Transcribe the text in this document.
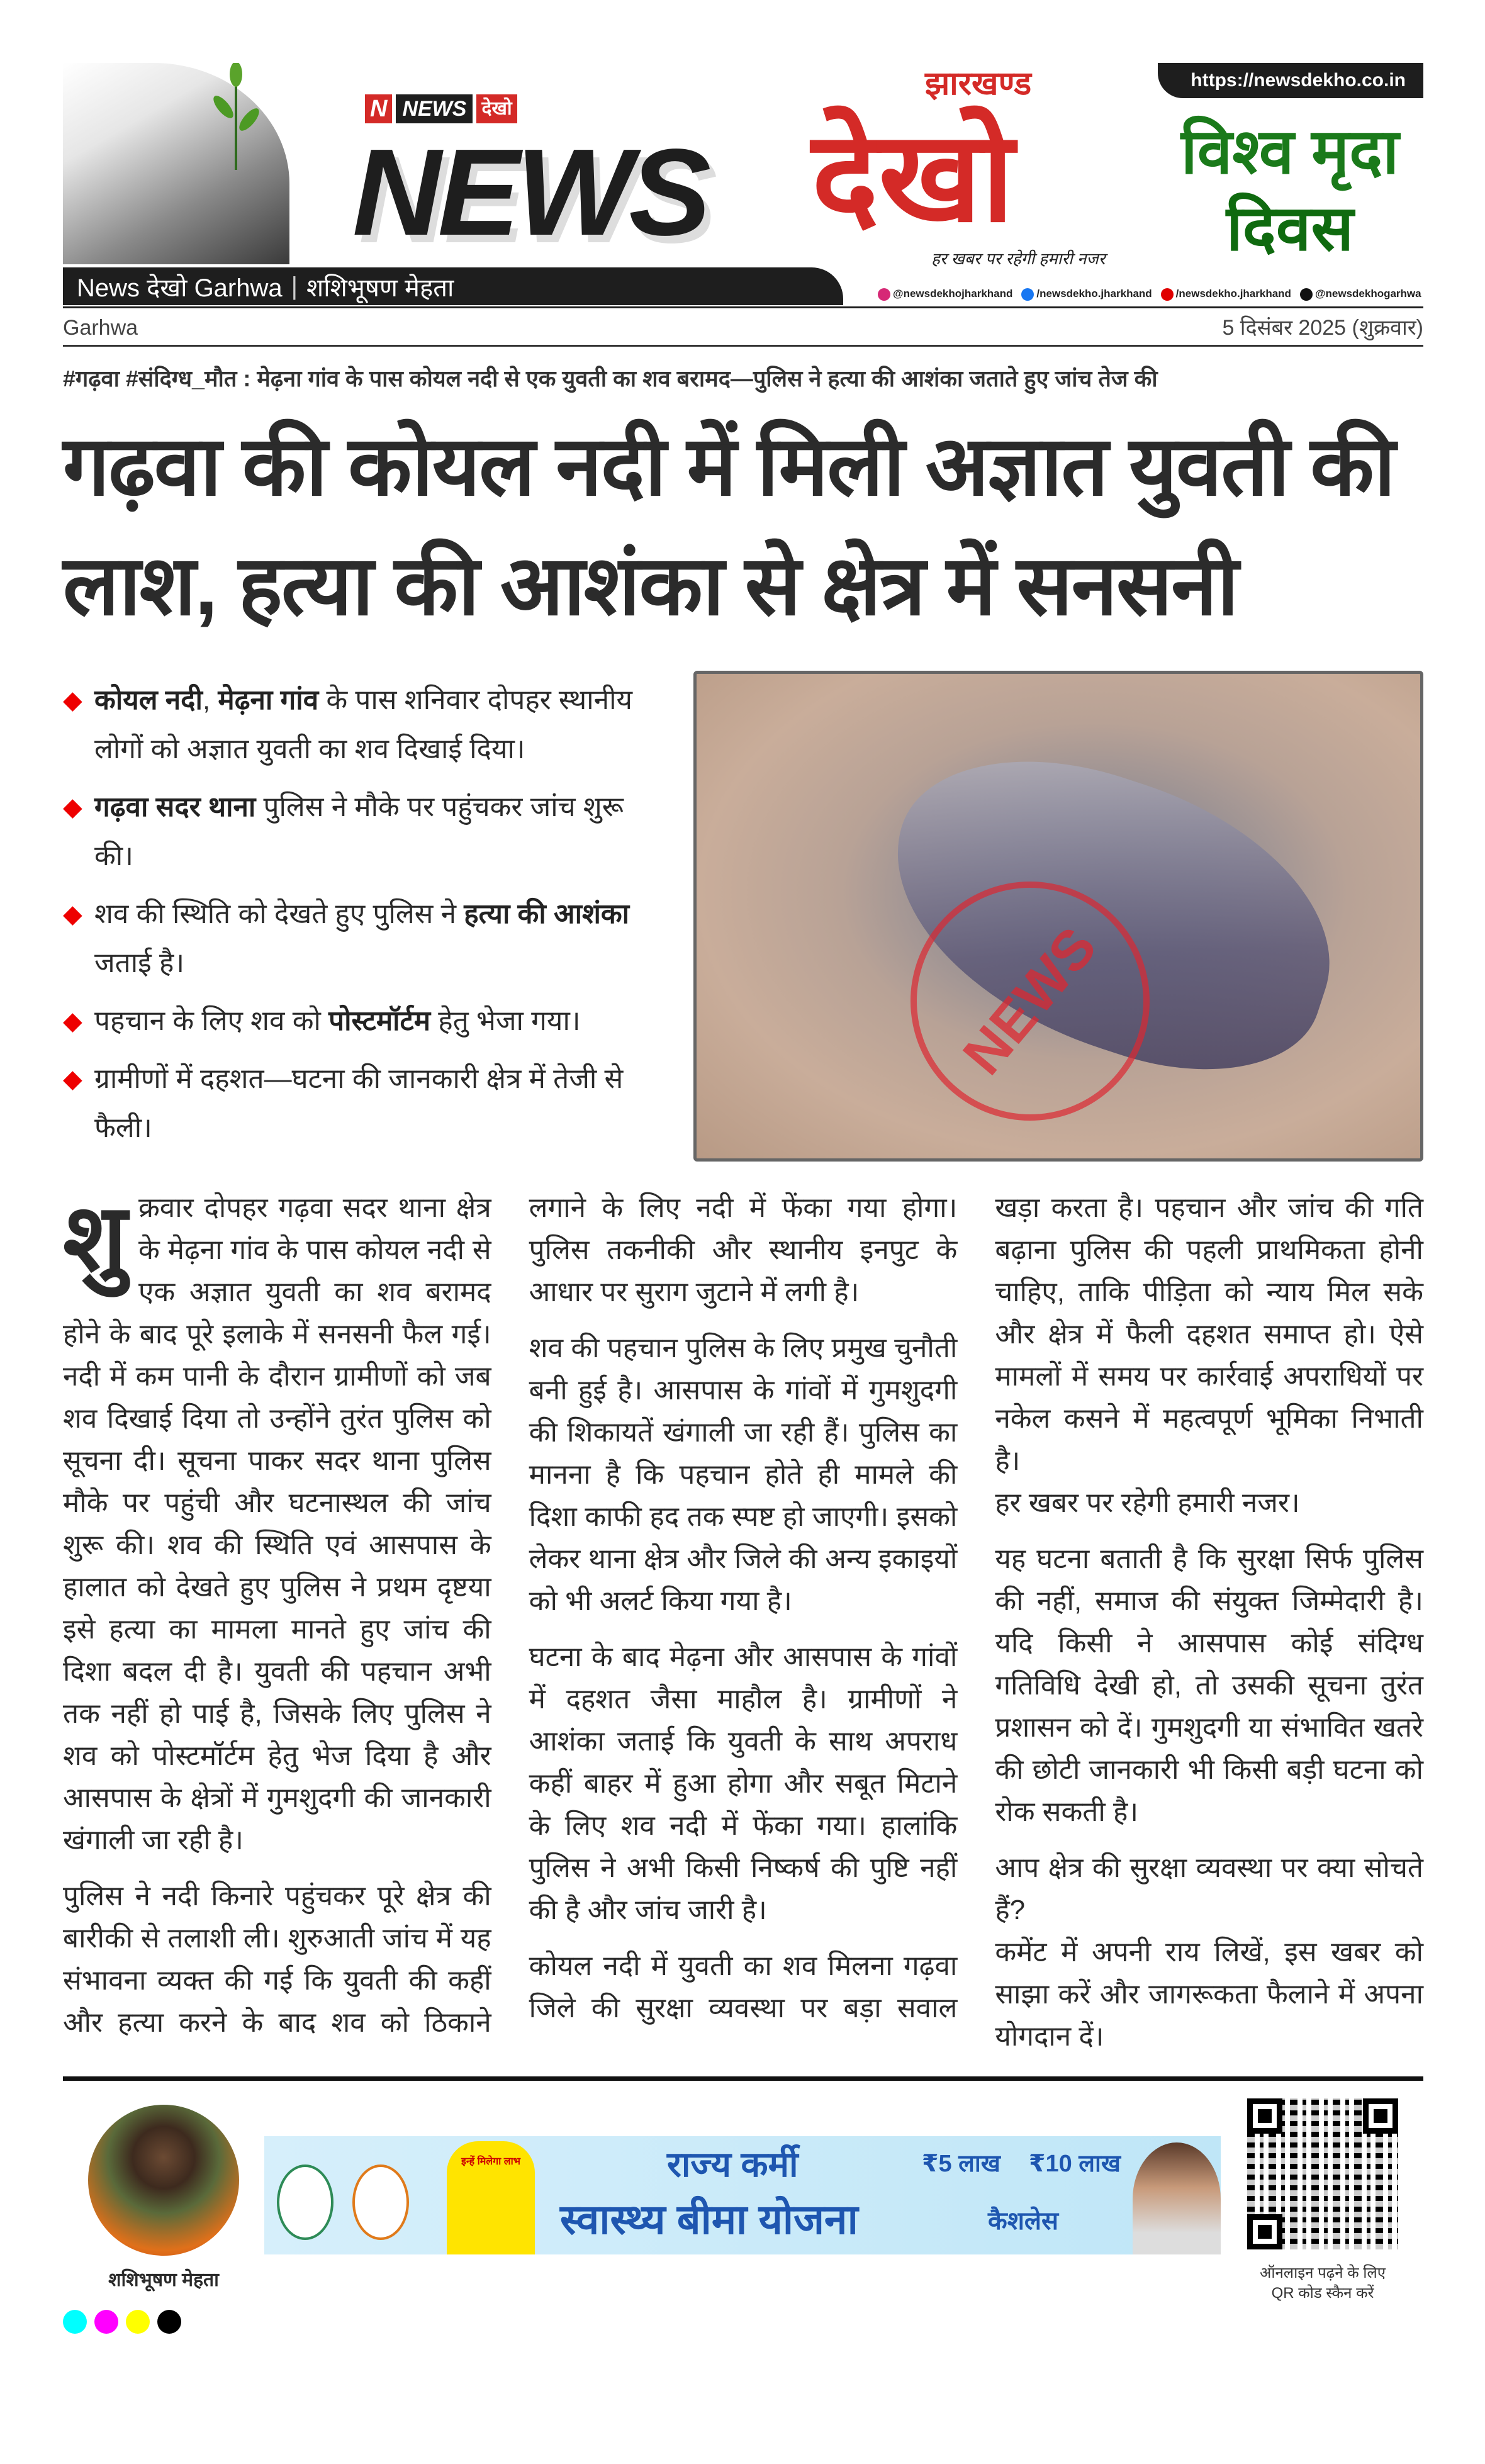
N NEWS देखो
NEWS देखो
झारखण्ड
हर खबर पर रहेगी हमारी नजर
https://newsdekho.co.in
विश्व मृदा
दिवस
News देखो Garhwa | शशिभूषण मेहता	@newsdekhojharkhand	/newsdekho.jharkhand	/newsdekho.jharkhand	@newsdekhogarhwa
Garhwa	5 दिसंबर 2025 (शुक्रवार)
#गढ़वा #संदिग्ध_मौत : मेढ़ना गांव के पास कोयल नदी से एक युवती का शव बरामद—पुलिस ने हत्या की आशंका जताते हुए जांच तेज की
गढ़वा की कोयल नदी में मिली अज्ञात युवती की लाश, हत्या की आशंका से क्षेत्र में सनसनी
◆ कोयल नदी, मेढ़ना गांव के पास शनिवार दोपहर स्थानीय लोगों को अज्ञात युवती का शव दिखाई दिया।
◆ गढ़वा सदर थाना पुलिस ने मौके पर पहुंचकर जांच शुरू की।
◆ शव की स्थिति को देखते हुए पुलिस ने हत्या की आशंका जताई है।
◆ पहचान के लिए शव को पोस्टमॉर्टम हेतु भेजा गया।
◆ ग्रामीणों में दहशत—घटना की जानकारी क्षेत्र में तेजी से फैली।
NEWS

शुक्रवार दोपहर गढ़वा सदर थाना क्षेत्र के मेढ़ना गांव के पास कोयल नदी से एक अज्ञात युवती का शव बरामद होने के बाद पूरे इलाके में सनसनी फैल गई। नदी में कम पानी के दौरान ग्रामीणों को जब शव दिखाई दिया तो उन्होंने तुरंत पुलिस को सूचना दी। सूचना पाकर सदर थाना पुलिस मौके पर पहुंची और घटनास्थल की जांच शुरू की। शव की स्थिति एवं आसपास के हालात को देखते हुए पुलिस ने प्रथम दृष्टया इसे हत्या का मामला मानते हुए जांच की दिशा बदल दी है। युवती की पहचान अभी तक नहीं हो पाई है, जिसके लिए पुलिस ने शव को पोस्टमॉर्टम हेतु भेज दिया है और आसपास के क्षेत्रों में गुमशुदगी की जानकारी खंगाली जा रही है।

पुलिस ने नदी किनारे पहुंचकर पूरे क्षेत्र की बारीकी से तलाशी ली। शुरुआती जांच में यह संभावना व्यक्त की गई कि युवती की कहीं और हत्या करने के बाद शव को ठिकाने लगाने के लिए नदी में फेंका गया होगा। पुलिस तकनीकी और स्थानीय इनपुट के आधार पर सुराग जुटाने में लगी है।

शव की पहचान पुलिस के लिए प्रमुख चुनौती बनी हुई है। आसपास के गांवों में गुमशुदगी की शिकायतें खंगाली जा रही हैं। पुलिस का मानना है कि पहचान होते ही मामले की दिशा काफी हद तक स्पष्ट हो जाएगी। इसको लेकर थाना क्षेत्र और जिले की अन्य इकाइयों को भी अलर्ट किया गया है।

घटना के बाद मेढ़ना और आसपास के गांवों में दहशत जैसा माहौल है। ग्रामीणों ने आशंका जताई कि युवती के साथ अपराध कहीं बाहर में हुआ होगा और सबूत मिटाने के लिए शव नदी में फेंका गया। हालांकि पुलिस ने अभी किसी निष्कर्ष की पुष्टि नहीं की है और जांच जारी है।

कोयल नदी में युवती का शव मिलना गढ़वा जिले की सुरक्षा व्यवस्था पर बड़ा सवाल खड़ा करता है। पहचान और जांच की गति बढ़ाना पुलिस की पहली प्राथमिकता होनी चाहिए, ताकि पीड़िता को न्याय मिल सके और क्षेत्र में फैली दहशत समाप्त हो। ऐसे मामलों में समय पर कार्रवाई अपराधियों पर नकेल कसने में महत्वपूर्ण भूमिका निभाती है।

हर खबर पर रहेगी हमारी नजर।

यह घटना बताती है कि सुरक्षा सिर्फ पुलिस की नहीं, समाज की संयुक्त जिम्मेदारी है। यदि किसी ने आसपास कोई संदिग्ध गतिविधि देखी हो, तो उसकी सूचना तुरंत प्रशासन को दें। गुमशुदगी या संभावित खतरे की छोटी जानकारी भी किसी बड़ी घटना को रोक सकती है।

आप क्षेत्र की सुरक्षा व्यवस्था पर क्या सोचते हैं?

कमेंट में अपनी राय लिखें, इस खबर को साझा करें और जागरूकता फैलाने में अपना योगदान दें।

शशिभूषण मेहता
इन्हें मिलेगा लाभ	राज्य कर्मी
स्वास्थ्य बीमा योजना
₹5 लाख ₹10 लाख
कैशलेस
ऑनलाइन पढ़ने के लिए
QR कोड स्कैन करें
